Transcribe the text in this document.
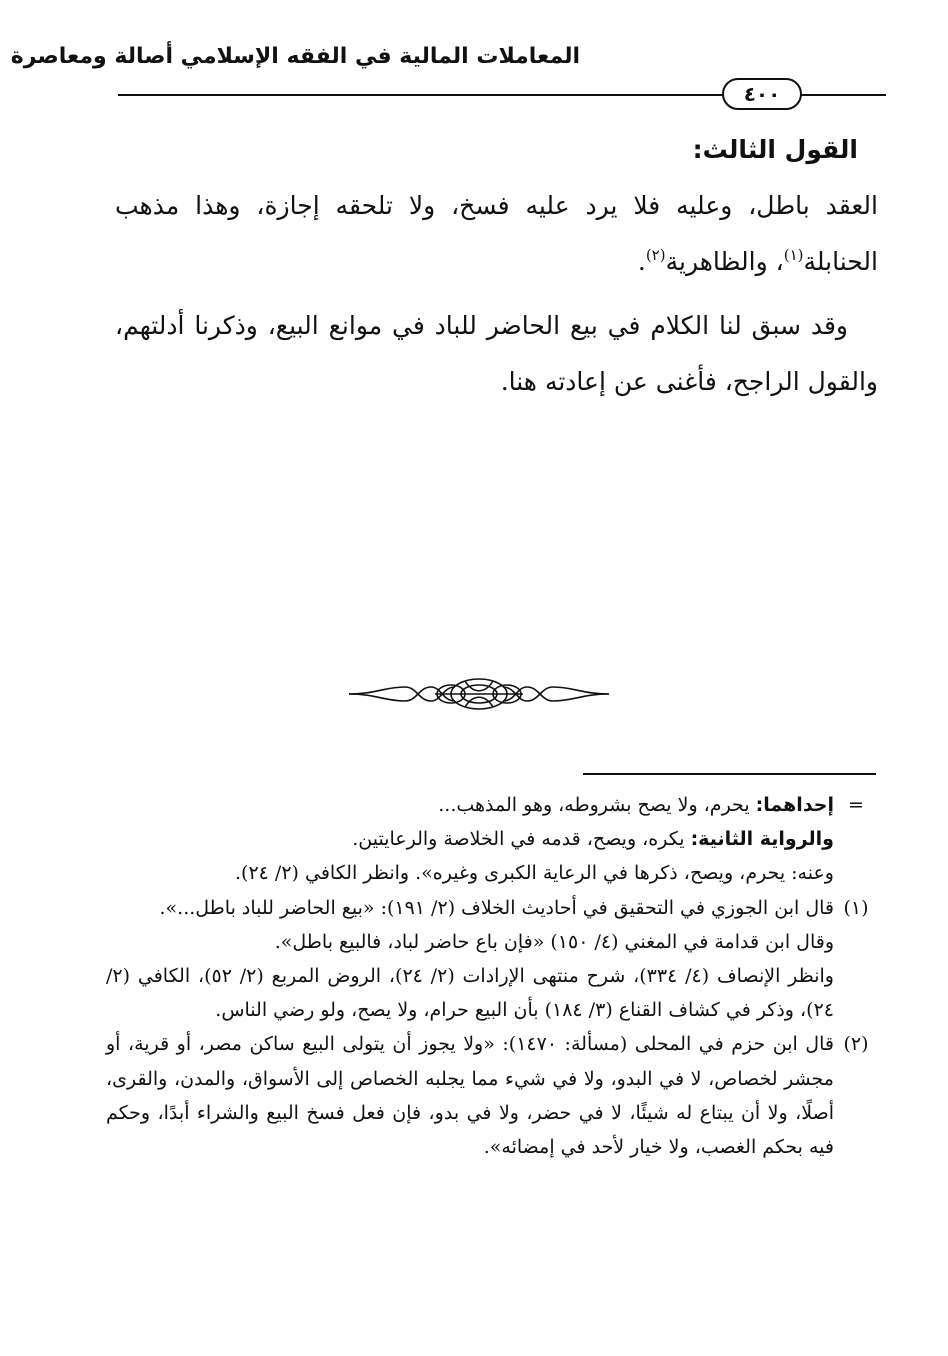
المعاملات المالية في الفقه الإسلامي أصالة ومعاصرة
٤٠٠
القول الثالث:

العقد باطل، وعليه فلا يرد عليه فسخ، ولا تلحقه إجازة، وهذا مذهب الحنابلة$^{(١)}$، والظاهرية$^{(٢)}$.

وقد سبق لنا الكلام في بيع الحاضر للباد في موانع البيع، وذكرنا أدلتهم، والقول الراجح، فأغنى عن إعادته هنا.

=
إحداهما: يحرم، ولا يصح بشروطه، وهو المذهب...
والرواية الثانية: يكره، ويصح، قدمه في الخلاصة والرعايتين.
وعنه: يحرم، ويصح، ذكرها في الرعاية الكبرى وغيره». وانظر الكافي (٢/ ٢٤).
(١)
قال ابن الجوزي في التحقيق في أحاديث الخلاف (٢/ ١٩١): «بيع الحاضر للباد باطل...».
وقال ابن قدامة في المغني (٤/ ١٥٠) «فإن باع حاضر لباد، فالبيع باطل».
وانظر الإنصاف (٤/ ٣٣٤)، شرح منتهى الإرادات (٢/ ٢٤)، الروض المربع (٢/ ٥٢)، الكافي (٢/ ٢٤)، وذكر في كشاف القناع (٣/ ١٨٤) بأن البيع حرام، ولا يصح، ولو رضي الناس.
(٢)
قال ابن حزم في المحلى (مسألة: ١٤٧٠): «ولا يجوز أن يتولى البيع ساكن مصر، أو قرية، أو مجشر لخصاص، لا في البدو، ولا في شيء مما يجلبه الخصاص إلى الأسواق، والمدن، والقرى، أصلًا، ولا أن يبتاع له شيئًا، لا في حضر، ولا في بدو، فإن فعل فسخ البيع والشراء أبدًا، وحكم فيه بحكم الغصب، ولا خيار لأحد في إمضائه».
